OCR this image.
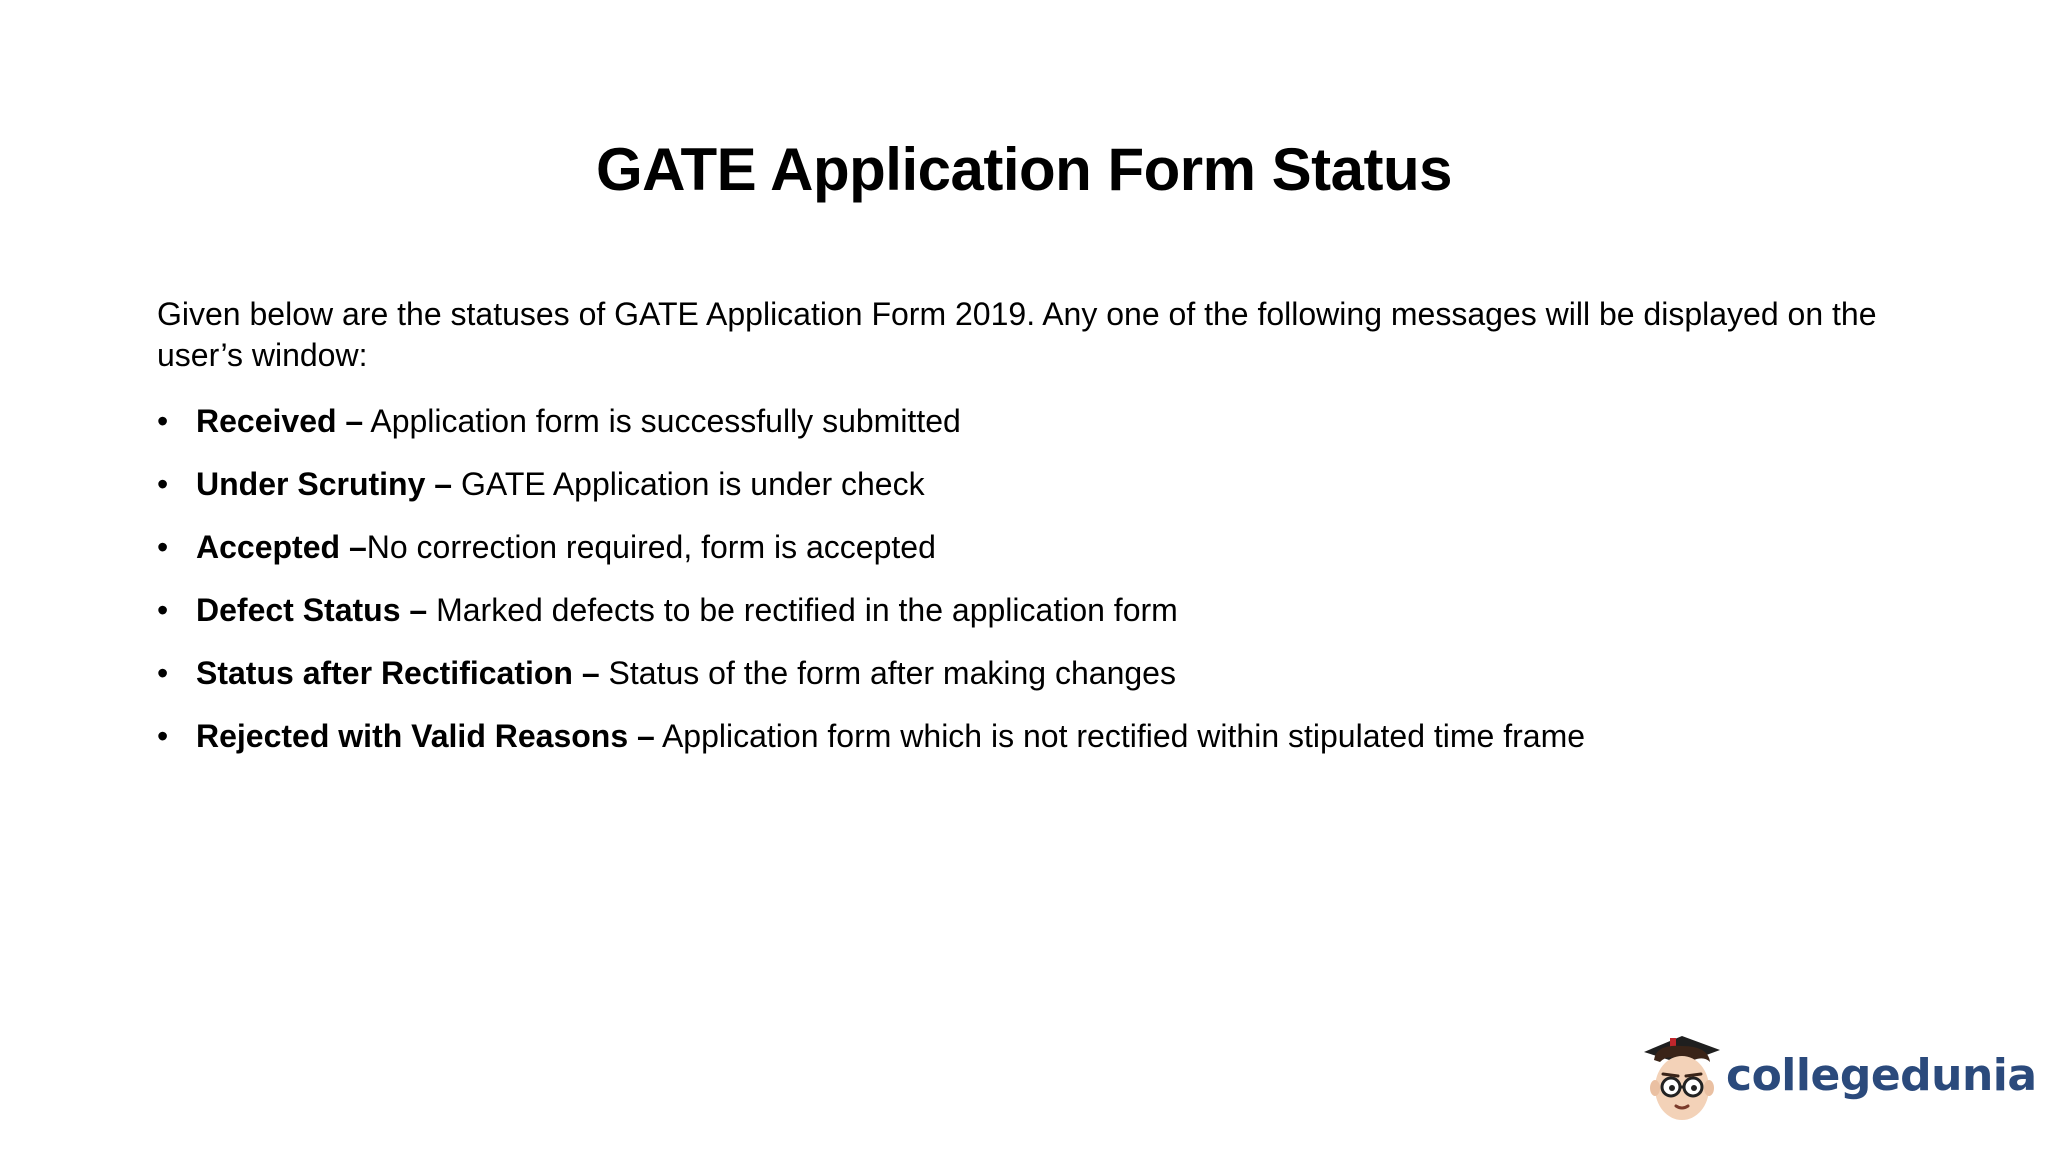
GATE Application Form Status
Given below are the statuses of GATE Application Form 2019. Any one of the following messages will be displayed on the user’s window:
• Received – Application form is successfully submitted
• Under Scrutiny – GATE Application is under check
• Accepted –No correction required, form is accepted
• Defect Status – Marked defects to be rectified in the application form
• Status after Rectification – Status of the form after making changes
• Rejected with Valid Reasons – Application form which is not rectified within stipulated time frame
collegedunia
